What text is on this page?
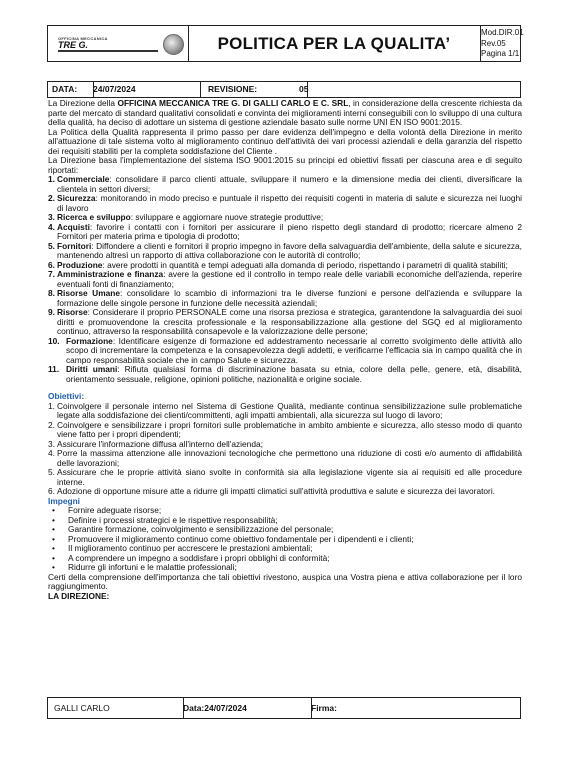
OFFICINA MECCANICA
TRE G.	POLITICA PER LA QUALITA’
Mod.DIR.01
Rev.05
Pagina 1/1
DATA:	24/07/2024	REVISIONE:	05

La Direzione della OFFICINA MECCANICA TRE G. DI GALLI CARLO E C. SRL, in considerazione della crescente richiesta da parte del mercato di standard qualitativi consolidati e convinta dei miglioramenti interni conseguibili con lo sviluppo di una cultura della qualità, ha deciso di adottare un sistema di gestione aziendale basato sulle norme UNI EN ISO 9001:2015.

La Politica della Qualità rappresenta il primo passo per dare evidenza dell'impegno e della volontà della Direzione in merito all'attuazione di tale sistema volto al miglioramento continuo dell'attività dei vari processi aziendali e della garanzia del rispetto dei requisiti stabiliti per la completa soddisfazione del Cliente .

La Direzione basa l'implementazione del sistema ISO 9001:2015 su principi ed obiettivi fissati per ciascuna area e di seguito riportati:

1. Commerciale: consolidare il parco clienti attuale, sviluppare il numero e la dimensione media dei clienti, diversificare la clientela in settori diversi;
2. Sicurezza: monitorando in modo preciso e puntuale il rispetto dei requisiti cogenti in materia di salute e sicurezza nei luoghi di lavoro
3. Ricerca e sviluppo: sviluppare e aggiornare nuove strategie produttive;
4. Acquisti: favorire i contatti con i fornitori per assicurare il pieno rispetto degli standard di prodotto; ricercare almeno 2 Fornitori per materia prima e tipologia di prodotto;
5. Fornitori: Diffondere a clienti e fornitori il proprio impegno in favore della salvaguardia dell'ambiente, della salute e sicurezza, mantenendo altresì un rapporto di attiva collaborazione con le autorità di controllo;
6. Produzione: avere prodotti in quantità e tempi adeguati alla domanda di periodo, rispettando i parametri di qualità stabiliti;
7. Amministrazione e finanza: avere la gestione ed il controllo in tempo reale delle variabili economiche dell'azienda, reperire eventuali fonti di finanziamento;
8. Risorse Umane: consolidare lo scambio di informazioni tra le diverse funzioni e persone dell'azienda e sviluppare la formazione delle singole persone in funzione delle necessità aziendali;
9. Risorse: Considerare il proprio PERSONALE come una risorsa preziosa e strategica, garantendone la salvaguardia dei suoi diritti e promuovendone la crescita professionale e la responsabilizzazione alla gestione del SGQ ed al miglioramento continuo, attraverso la responsabilità consapevole e la valorizzazione delle persone;
10. Formazione: Identificare esigenze di formazione ed addestramento necessarie al corretto svolgimento delle attività allo scopo di incrementare la competenza e la consapevolezza degli addetti, e verificarne l'efficacia sia in campo qualità che in campo responsabilità sociale che in campo Salute e sicurezza.
11. Diritti umani: Rifiuta qualsiasi forma di discriminazione basata su etnia, colore della pelle, genere, età, disabilità, orientamento sessuale, religione, opinioni politiche, nazionalità e origine sociale.
Obiettivi:
1. Coinvolgere il personale interno nel Sistema di Gestione Qualità, mediante continua sensibilizzazione sulle problematiche legate alla soddisfazione dei clienti/committenti, agli impatti ambientali, alla sicurezza sul luogo di lavoro;
2. Coinvolgere e sensibilizzare i propri fornitori sulle problematiche in ambito ambiente e sicurezza, allo stesso modo di quanto viene fatto per i propri dipendenti;
3. Assicurare l'informazione diffusa all'interno dell'azienda;
4. Porre la massima attenzione alle innovazioni tecnologiche che permettono una riduzione di costi e/o aumento di affidabilità delle lavorazioni;
5. Assicurare che le proprie attività siano svolte in conformità sia alla legislazione vigente sia ai requisiti ed alle procedure interne.
6. Adozione di opportune misure atte a ridurre gli impatti climatici sull'attività produttiva e salute e sicurezza dei lavoratori.
Impegni
• Fornire adeguate risorse;
• Definire i processi strategici e le rispettive responsabilità;
• Garantire formazione, coinvolgimento e sensibilizzazione del personale;
• Promuovere il miglioramento continuo come obiettivo fondamentale per i dipendenti e i clienti;
• Il miglioramento continuo per accrescere le prestazioni ambientali;
• A comprendere un impegno a soddisfare i propri obblighi di conformità;
• Ridurre gli infortuni e le malattie professionali;

Certi della comprensione dell'importanza che tali obiettivi rivestono, auspica una Vostra piena e attiva collaborazione per il loro raggiungimento.

LA DIREZIONE:
GALLI CARLO	Data:24/07/2024	Firma:
